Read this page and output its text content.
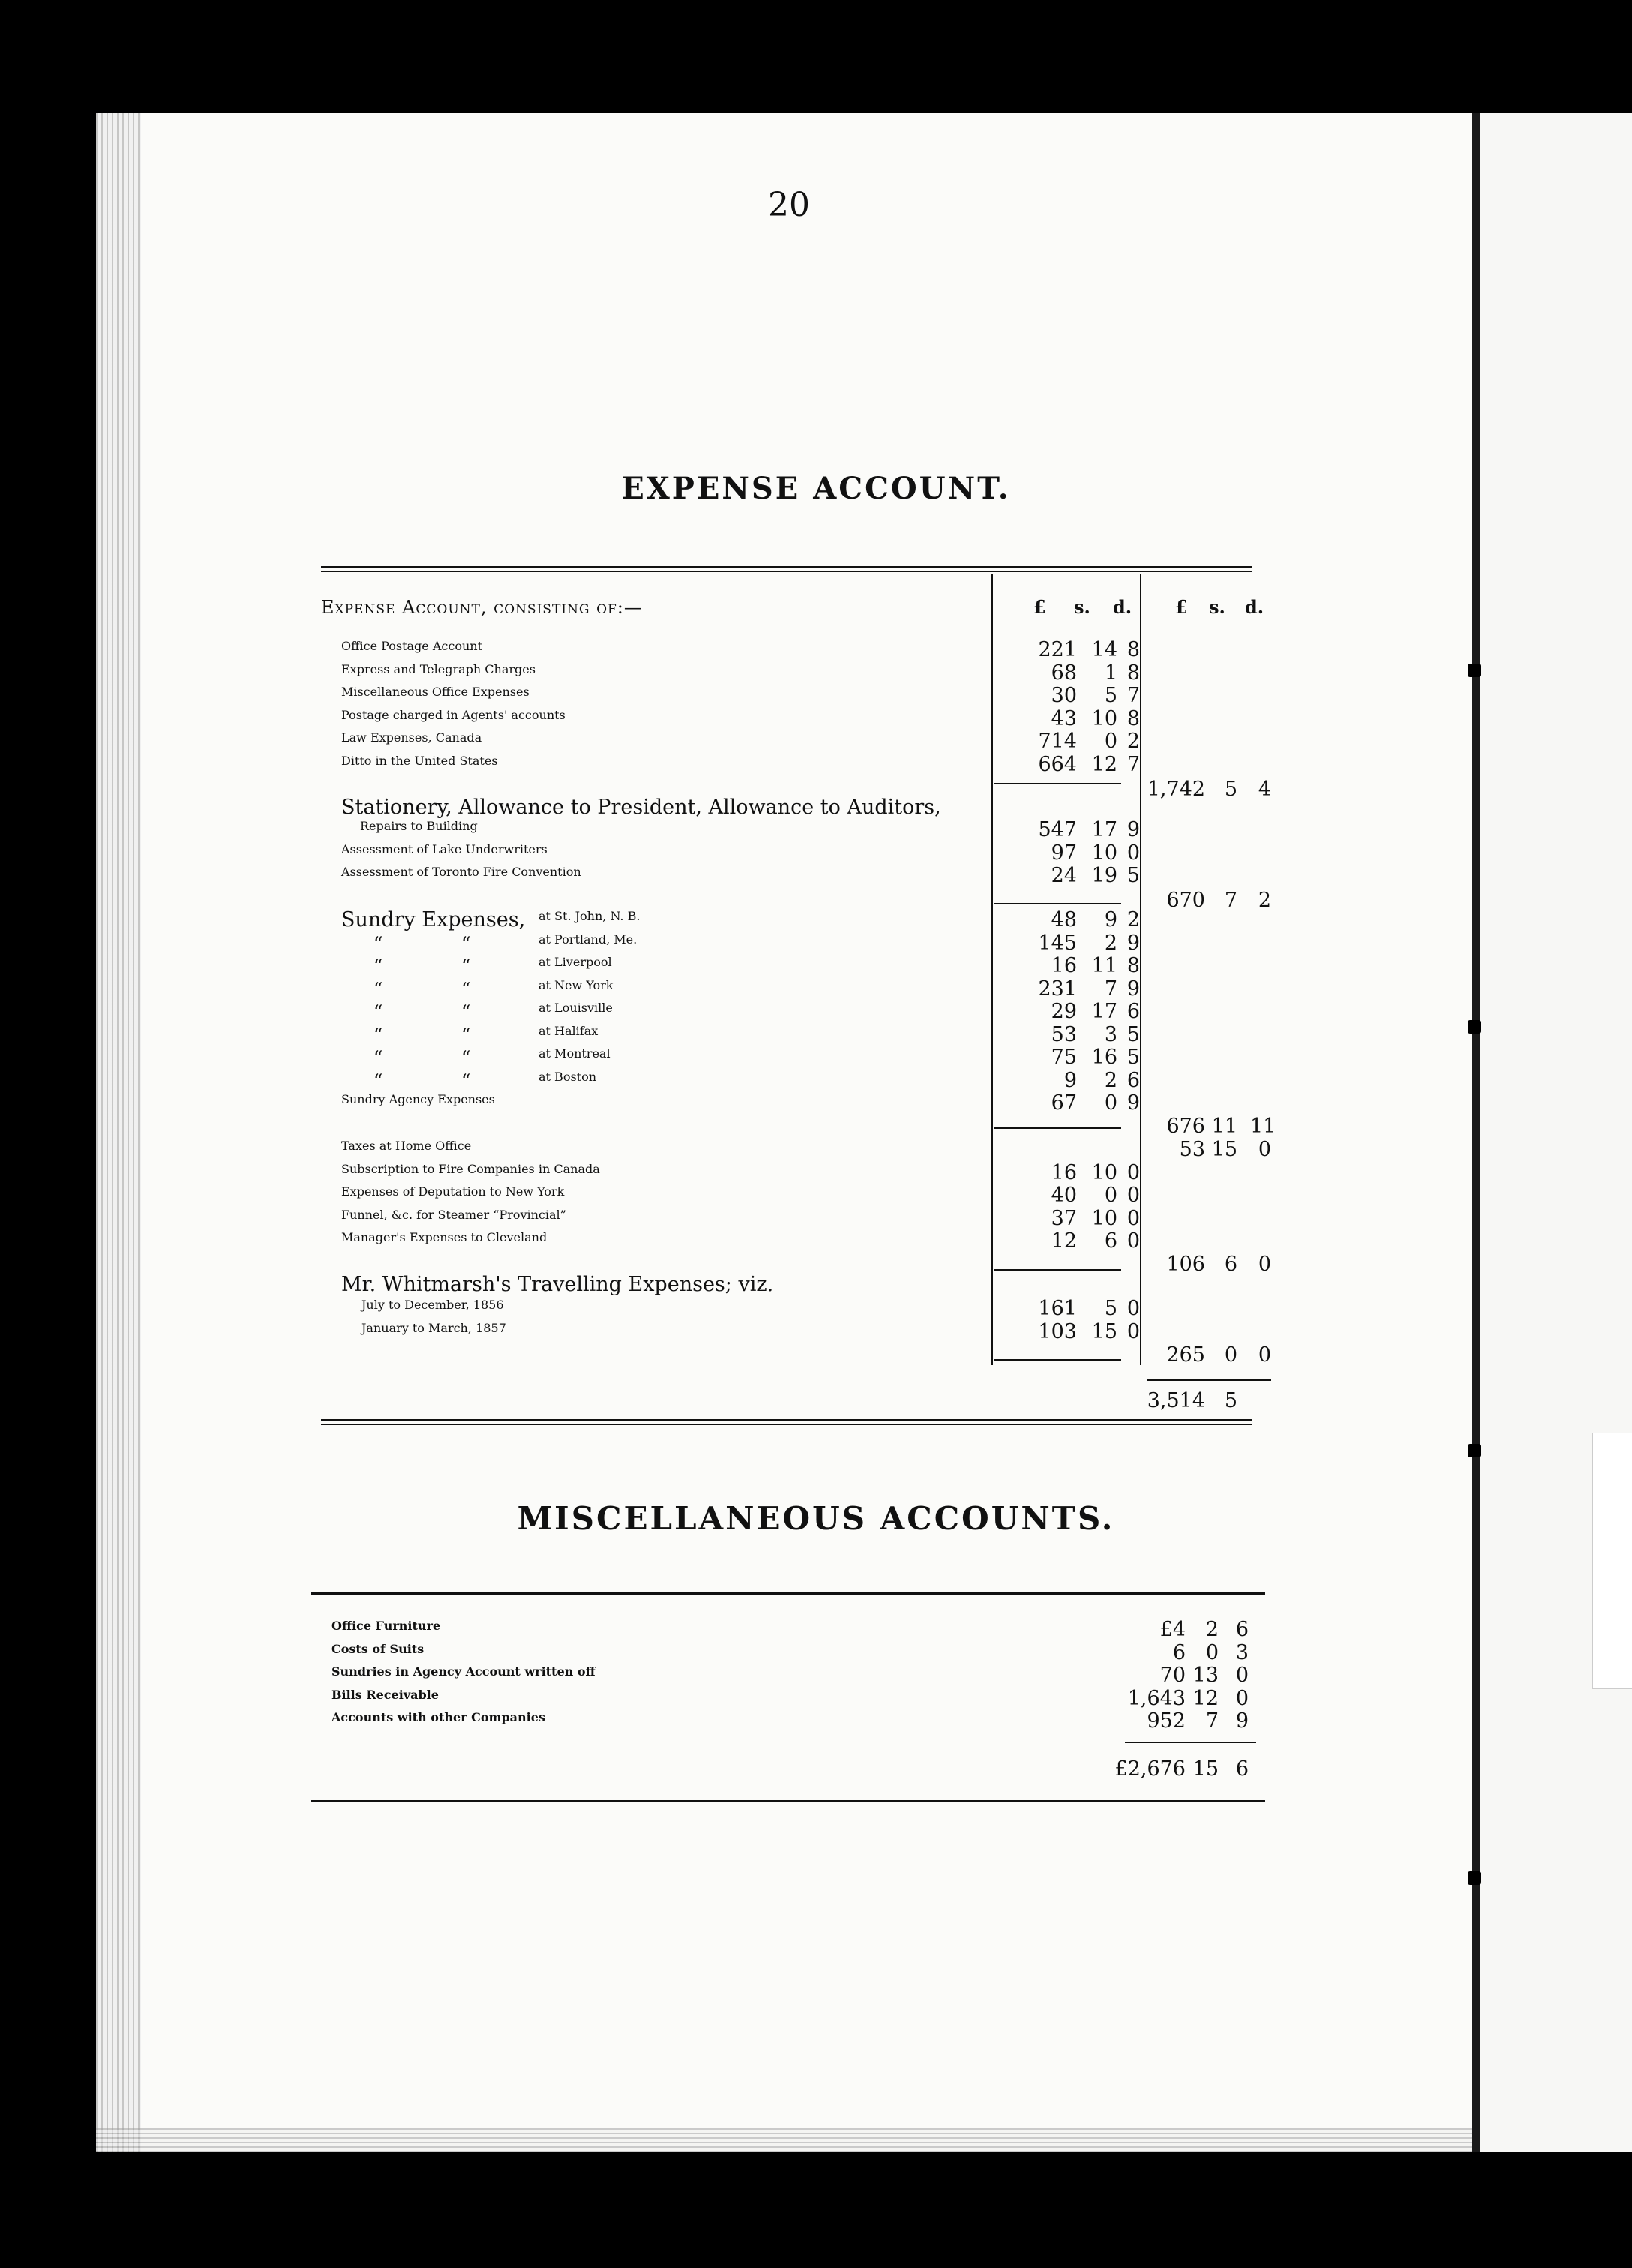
20
EXPENSE ACCOUNT.
MISCELLANEOUS ACCOUNTS.
Expense Account, consisting of:—	£ s. d. £ s. d.
Office Postage Account	221 14 8
Express and Telegraph Charges	68	1 8
Miscellaneous Office Expenses	30	5 7
Postage charged in Agents' accounts	43 10 8
Law Expenses, Canada	714	0 2
Ditto in the United States	664 12 7
1,742 5	4
Stationery, Allowance to President, Allowance to Auditors,
Repairs to Building	547 17 9
Assessment of Lake Underwriters	97 10 0
Assessment of Toronto Fire Convention	24 19 5
670 7	2
Sundry Expenses, at St. John, N. B.	48	9 2
“	“	at Portland, Me.	145	2 9
“	“	at Liverpool	16 11 8
“	“	at New York	231	7 9
“	“	at Louisville	29 17 6
“	“	at Halifax	53	3 5
“	“	at Montreal	75 16 5
“	“	at Boston	9	2 6
Sundry Agency Expenses	67	0 9
676 11 11
Taxes at Home Office	53 15	0
Subscription to Fire Companies in Canada	16 10 0
Expenses of Deputation to New York	40	0 0
Funnel, &c. for Steamer “Provincial”	37 10 0
Manager's Expenses to Cleveland	12	6 0
106 6	0
Mr. Whitmarsh's Travelling Expenses; viz.
July to December, 1856	161	5 0
January to March, 1857	103 15 0
265 0	0
3,514 5
Office Furniture	£4 2 6
Costs of Suits	6 0 3
Sundries in Agency Account written off	70 13 0
Bills Receivable	1,643 12 0
Accounts with other Companies	952 7 9
£2,676 15 6
